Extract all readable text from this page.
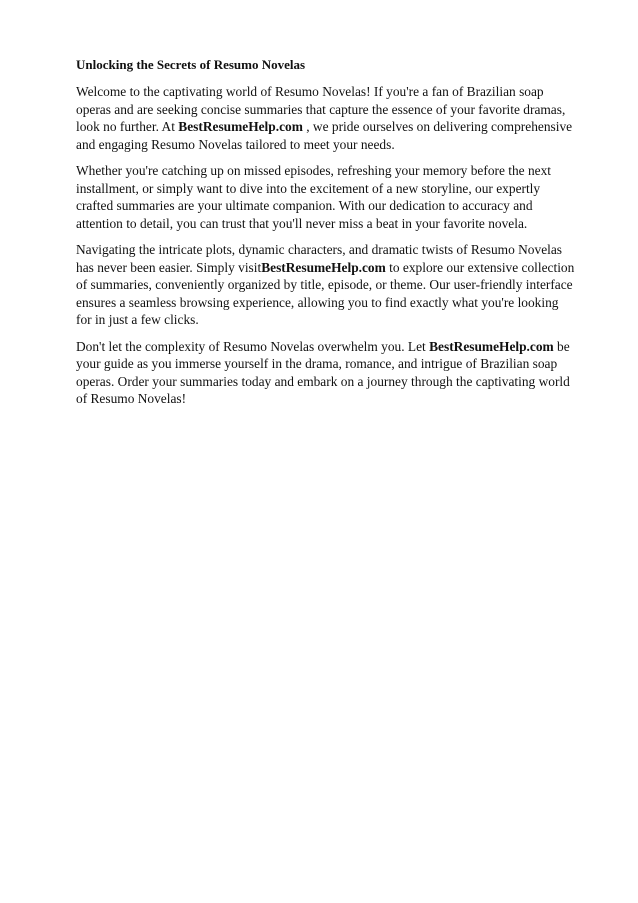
Unlocking the Secrets of Resumo Novelas

Welcome to the captivating world of Resumo Novelas! If you're a fan of Brazilian soap operas and are seeking concise summaries that capture the essence of your favorite dramas, look no further. At BestResumeHelp.com , we pride ourselves on delivering comprehensive and engaging Resumo Novelas tailored to meet your needs.

Whether you're catching up on missed episodes, refreshing your memory before the next installment, or simply want to dive into the excitement of a new storyline, our expertly crafted summaries are your ultimate companion. With our dedication to accuracy and attention to detail, you can trust that you'll never miss a beat in your favorite novela.

Navigating the intricate plots, dynamic characters, and dramatic twists of Resumo Novelas has never been easier. Simply visitBestResumeHelp.com to explore our extensive collection of summaries, conveniently organized by title, episode, or theme. Our user-friendly interface ensures a seamless browsing experience, allowing you to find exactly what you're looking for in just a few clicks.

Don't let the complexity of Resumo Novelas overwhelm you. Let BestResumeHelp.com be your guide as you immerse yourself in the drama, romance, and intrigue of Brazilian soap operas. Order your summaries today and embark on a journey through the captivating world of Resumo Novelas!
